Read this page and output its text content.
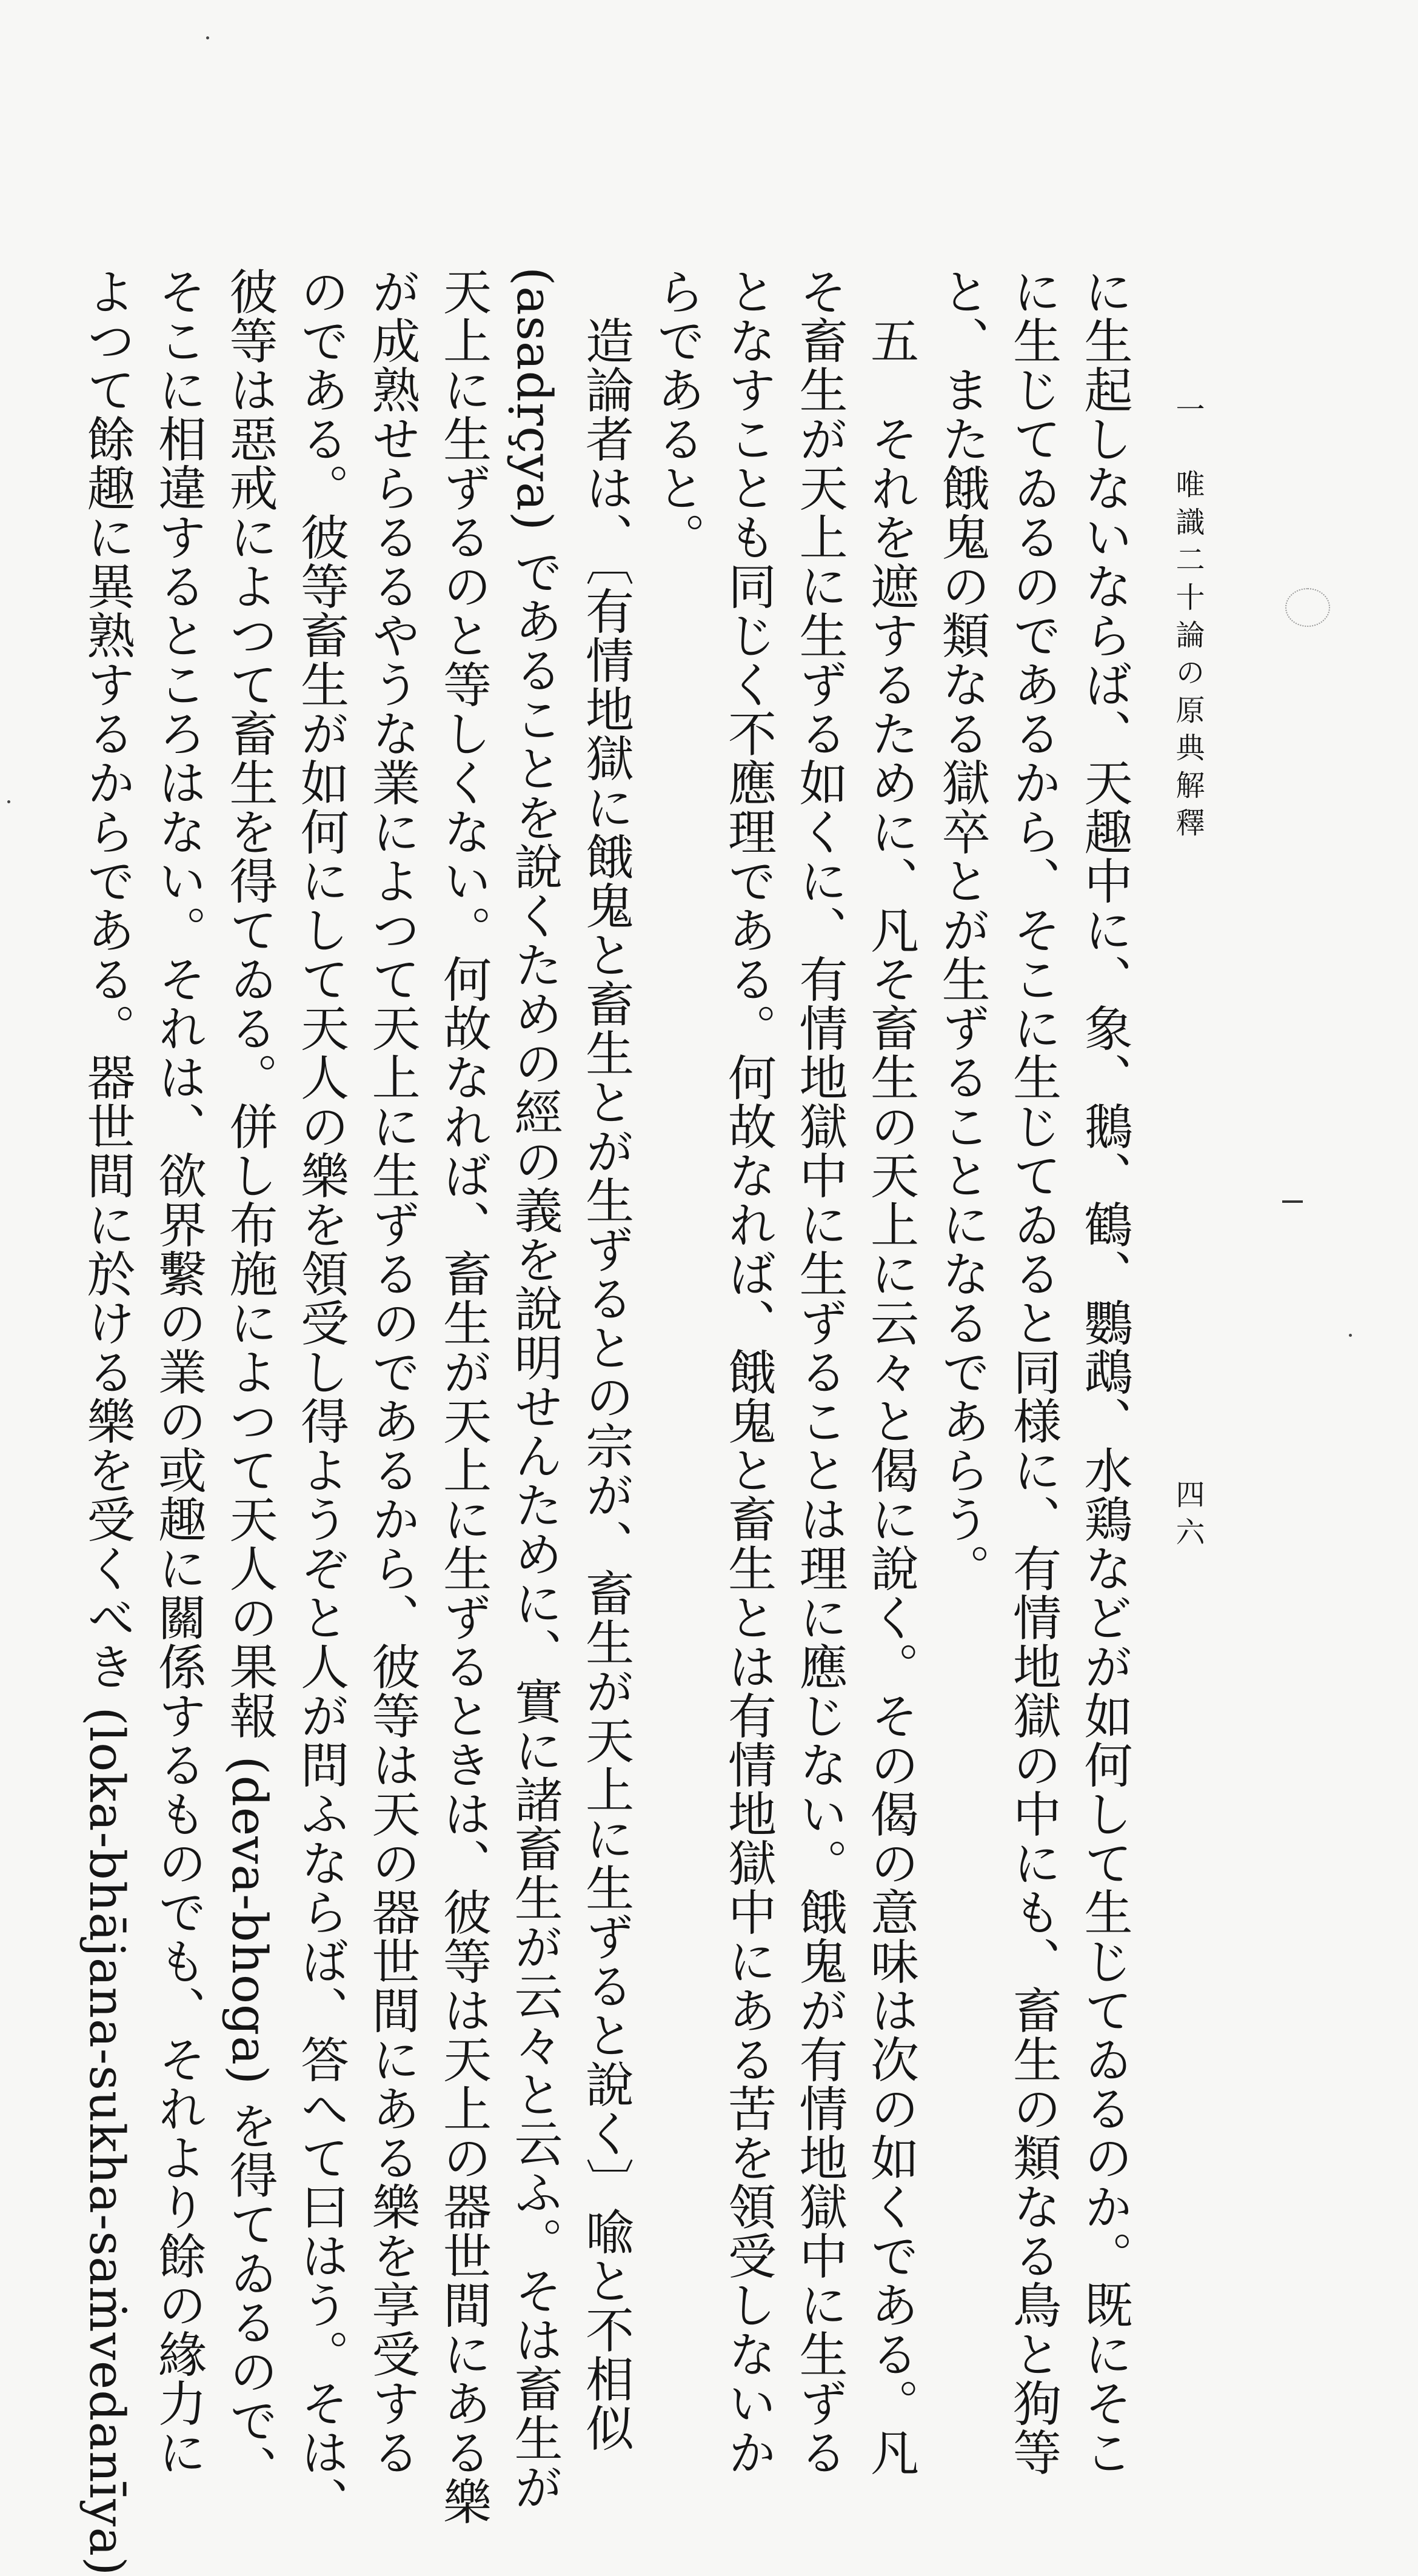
一　唯識二十論の原典解釋
四六
に生起しないならば、天趣中に、象、鵝、鶴、鸚鵡、水鶏などが如何して生じてゐるのか。既にそこ
に生じてゐるのであるから、そこに生じてゐると同様に、有情地獄の中にも、畜生の類なる鳥と狗等
と、また餓鬼の類なる獄卒とが生ずることになるであらう。
　五　それを遮するために、凡そ畜生の天上に云々と偈に說く。その偈の意味は次の如くである。凡
そ畜生が天上に生ずる如くに、有情地獄中に生ずることは理に應じない。餓鬼が有情地獄中に生ずる
となすことも同じく不應理である。何故なれば、餓鬼と畜生とは有情地獄中にある苦を領受しないか
らであると。
　造論者は、〔有情地獄に餓鬼と畜生とが生ずるとの宗が、畜生が天上に生ずると說く〕喩と不相似
(asadṛçya) であることを說くための經の義を說明せんために、實に諸畜生が云々と云ふ。そは畜生が
天上に生ずるのと等しくない。何故なれば、畜生が天上に生ずるときは、彼等は天上の器世間にある樂
が成熟せらるるやうな業によつて天上に生ずるのであるから、彼等は天の器世間にある樂を享受する
のである。彼等畜生が如何にして天人の樂を領受し得ようぞと人が問ふならば、答へて曰はう。そは、
彼等は惡戒によつて畜生を得てゐる。併し布施によつて天人の果報 (deva-bhoga) を得てゐるので、
そこに相違するところはない。それは、欲界繫の業の或趣に關係するものでも、それより餘の緣力に
よつて餘趣に異熟するからである。器世間に於ける樂を受くべき (loka-bhājana-sukha-saṁvedanīya)
